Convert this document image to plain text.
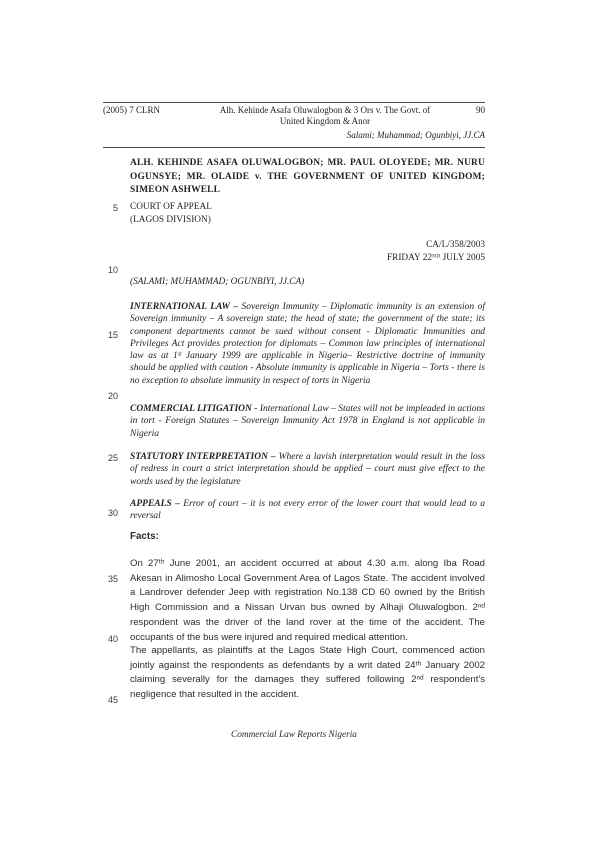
(2005) 7 CLRN	Alh. Kehinde Asafa Oluwalogbon & 3 Ors v. The Govt. of
United Kingdom & Anor
90
Salami; Muhammad; Ogunbiyi, JJ.CA
5
10
15
20
25
30
35
40
45
ALH. KEHINDE ASAFA OLUWALOGBON; MR. PAUL OLOYEDE; MR. NURU OGUNSYE; MR. OLAIDE v. THE GOVERNMENT OF UNITED KINGDOM; SIMEON ASHWELL
COURT OF APPEAL
(LAGOS DIVISION)
CA/L/358/2003
FRIDAY 22ᴺᴰ JULY 2005
(SALAMI; MUHAMMAD; OGUNBIYI, JJ.CA)

INTERNATIONAL LAW – Sovereign Immunity – Diplomatic immunity is an extension of Sovereign immunity – A sovereign state; the head of state; the government of the state; its component departments cannot be sued without consent - Diplomatic Immunities and Privileges Act provides protection for diplomats – Common law principles of international law as at 1ˢᵗ January 1999 are applicable in Nigeria– Restrictive doctrine of immunity should be applied with caution - Absolute immunity is applicable in Nigeria – Torts - there is no exception to absolute immunity in respect of torts in Nigeria

COMMERCIAL LITIGATION - International Law – States will not be impleaded in actions in tort - Foreign Statutes – Sovereign Immunity Act 1978 in England is not applicable in Nigeria

STATUTORY INTERPRETATION – Where a lavish interpretation would result in the loss of redress in court a strict interpretation should be applied – court must give effect to the words used by the legislature

APPEALS – Error of court – it is not every error of the lower court that would lead to a reversal

Facts:

On 27ᵗʰ June 2001, an accident occurred at about 4.30 a.m. along Iba Road Akesan in Alimosho Local Government Area of Lagos State. The accident involved a Landrover defender Jeep with registration No.138 CD 60 owned by the British High Commission and a Nissan Urvan bus owned by Alhaji Oluwalogbon. 2ⁿᵈ respondent was the driver of the land rover at the time of the accident. The occupants of the bus were injured and required medical attention.

The appellants, as plaintiffs at the Lagos State High Court, commenced action jointly against the respondents as defendants by a writ dated 24ᵗʰ January 2002 claiming severally for the damages they suffered following 2ⁿᵈ respondent's negligence that resulted in the accident.

Commercial Law Reports Nigeria
